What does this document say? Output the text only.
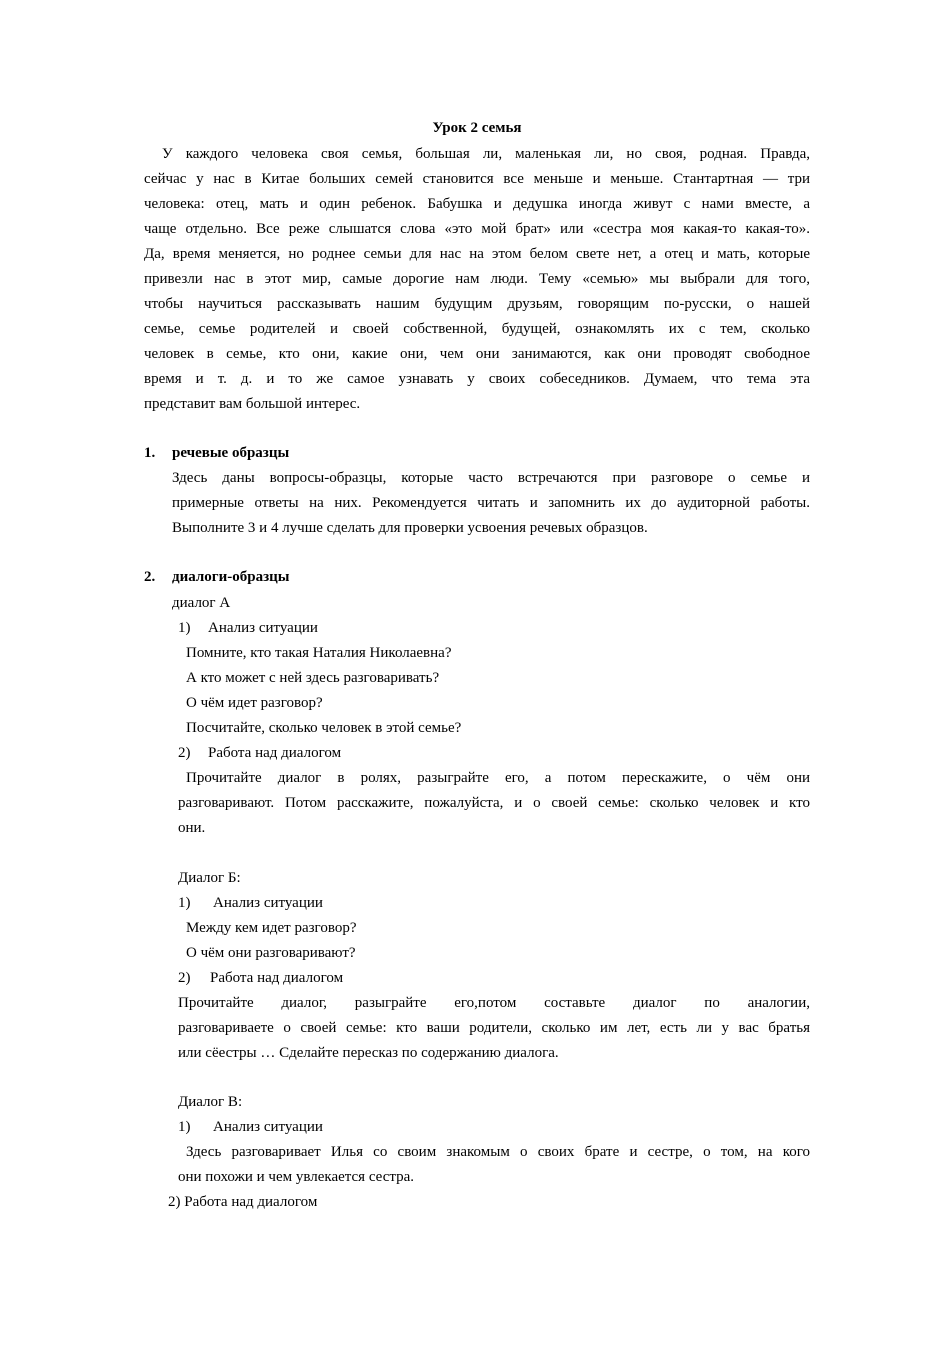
Урок 2 семья
У каждого человека своя семья, большая ли, маленькая ли, но своя, родная. Правда,
сейчас у нас в Китае больших семей становится все меньше и меньше. Стантартная — три
человека: отец, мать и один ребенок. Бабушка и дедушка иногда живут с нами вместе, а
чаще отдельно. Все реже слышатся слова «это мой брат» или «сестра моя какая-то какая-то».
Да, время меняется, но роднее семьи для нас на этом белом свете нет, а отец и мать, которые
привезли нас в этот мир, самые дорогие нам люди. Тему «семью» мы выбрали для того,
чтобы научиться рассказывать нашим будущим друзьям, говорящим по-русски, о нашей
семье, семье родителей и своей собственной, будущей, ознакомлять их с тем, сколько
человек в семье, кто они, какие они, чем они занимаются, как они проводят свободное
время и т. д. и то же самое узнавать у своих собеседников. Думаем, что тема эта
представит вам большой интерес.
1. речевые образцы
Здесь даны вопросы-образцы, которые часто встречаются при разговоре о семье и
примерные ответы на них. Рекомендуется читать и запомнить их до аудиторной работы.
Выполните 3 и 4 лучше сделать для проверки усвоения речевых образцов.
2. диалоги-образцы
диалог А
1) Анализ ситуации
Помните, кто такая Наталия Николаевна?
А кто может с ней здесь разговаривать?
О чём идет разговор?
Посчитайте, сколько человек в этой семье?
2) Работа над диалогом
Прочитайте диалог в ролях, разыграйте его, а потом перескажите, о чём они
разговаривают. Потом расскажите, пожалуйста, и о своей семье: сколько человек и кто
они.
Диалог Б:
1) Анализ ситуации
Между кем идет разговор?
О чём они разговаривают?
2) Работа над диалогом
Прочитайте диалог, разыграйте его,потом составьте диалог по аналогии,
разговариваете о своей семье: кто ваши родители, сколько им лет, есть ли у вас братья
или сёестры … Сделайте пересказ по содержанию диалога.
Диалог В:
1) Анализ ситуации
Здесь разговаривает Илья со своим знакомым о своих брате и сестре, о том, на кого
они похожи и чем увлекается сестра.
2) Работа над диалогом
